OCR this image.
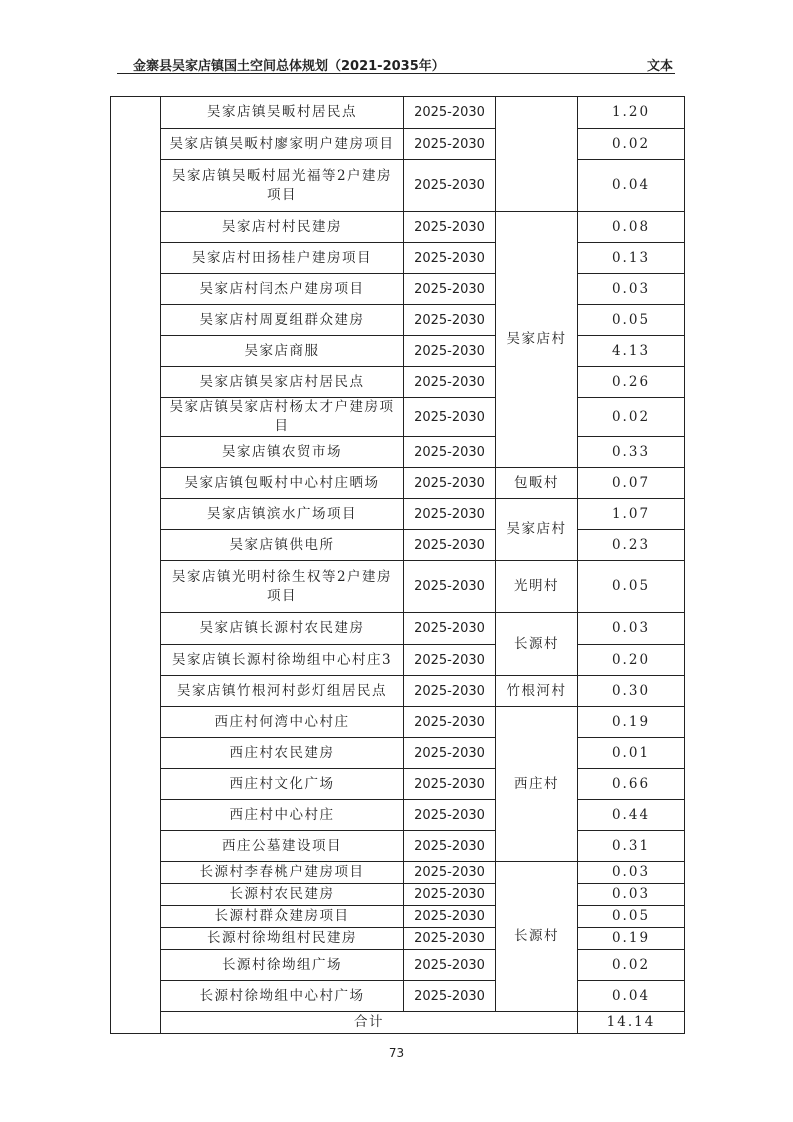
金寨县吴家店镇国土空间总体规划（2021-2035年）	文本
	吴家店镇吴畈村居民点	2025-2030		1.20
	吴家店镇吴畈村廖家明户建房项目	2025-2030		0.02
	吴家店镇吴畈村屈光福等2户建房项目	2025-2030		0.04
	吴家店村村民建房	2025-2030	吴家店村	0.08
	吴家店村田扬桂户建房项目	2025-2030		0.13
	吴家店村闫杰户建房项目	2025-2030		0.03
	吴家店村周夏组群众建房	2025-2030		0.05
	吴家店商服	2025-2030		4.13
	吴家店镇吴家店村居民点	2025-2030		0.26
	吴家店镇吴家店村杨太才户建房项目	2025-2030		0.02
	吴家店镇农贸市场	2025-2030		0.33
	吴家店镇包畈村中心村庄晒场	2025-2030	包畈村	0.07
	吴家店镇滨水广场项目	2025-2030	吴家店村	1.07
	吴家店镇供电所	2025-2030		0.23
	吴家店镇光明村徐生权等2户建房项目	2025-2030	光明村	0.05
	吴家店镇长源村农民建房	2025-2030	长源村	0.03
	吴家店镇长源村徐坳组中心村庄3	2025-2030		0.20
	吴家店镇竹根河村彭灯组居民点	2025-2030	竹根河村	0.30
	西庄村何湾中心村庄	2025-2030	西庄村	0.19
	西庄村农民建房	2025-2030		0.01
	西庄村文化广场	2025-2030		0.66
	西庄村中心村庄	2025-2030		0.44
	西庄公墓建设项目	2025-2030		0.31
	长源村李春桃户建房项目	2025-2030	长源村	0.03
	长源村农民建房	2025-2030		0.03
	长源村群众建房项目	2025-2030		0.05
	长源村徐坳组村民建房	2025-2030		0.19
	长源村徐坳组广场	2025-2030		0.02
	长源村徐坳组中心村广场	2025-2030		0.04
	合计			14.14
73
